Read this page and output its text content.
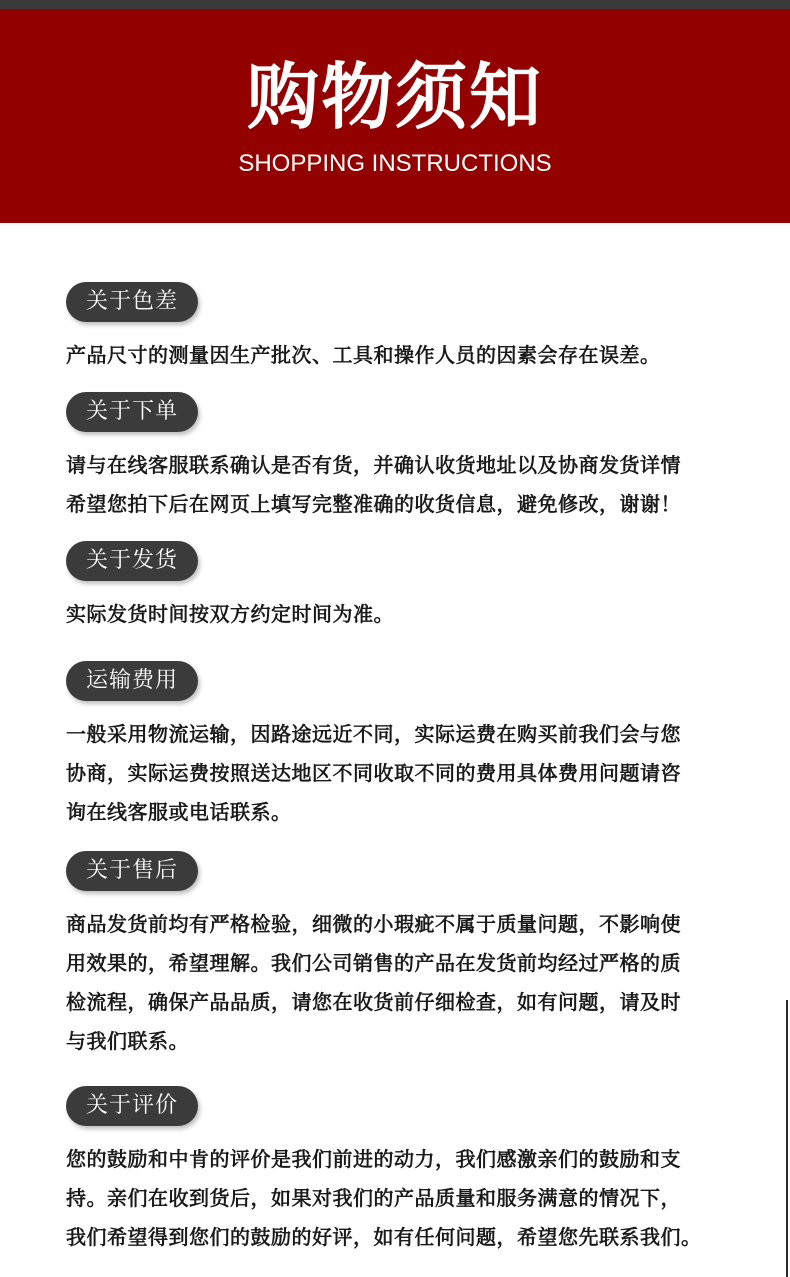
购物须知
SHOPPING INSTRUCTIONS
关于色差
产品尺寸的测量因生产批次、工具和操作人员的因素会存在误差。
关于下单
请与在线客服联系确认是否有货，并确认收货地址以及协商发货详情
希望您拍下后在网页上填写完整准确的收货信息，避免修改，谢谢！
关于发货
实际发货时间按双方约定时间为准。
运输费用
一般采用物流运输，因路途远近不同，实际运费在购买前我们会与您
协商，实际运费按照送达地区不同收取不同的费用具体费用问题请咨
询在线客服或电话联系。
关于售后
商品发货前均有严格检验，细微的小瑕疵不属于质量问题，不影响使
用效果的，希望理解。我们公司销售的产品在发货前均经过严格的质
检流程，确保产品品质，请您在收货前仔细检查，如有问题，请及时
与我们联系。
关于评价
您的鼓励和中肯的评价是我们前进的动力，我们感激亲们的鼓励和支
持。亲们在收到货后，如果对我们的产品质量和服务满意的情况下，
我们希望得到您们的鼓励的好评，如有任何问题，希望您先联系我们。
